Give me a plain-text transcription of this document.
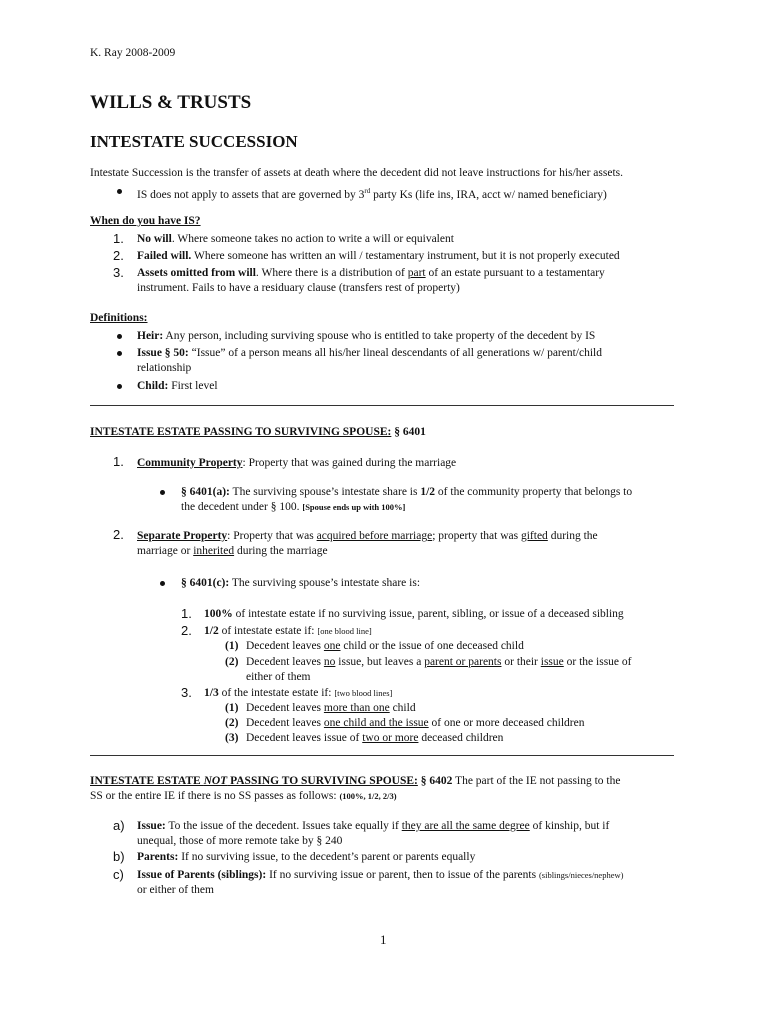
K. Ray 2008-2009
WILLS & TRUSTS
INTESTATE SUCCESSION
Intestate Succession is the transfer of assets at death where the decedent did not leave instructions for his/her assets.
IS does not apply to assets that are governed by 3rd party Ks (life ins, IRA, acct w/ named beneficiary)
When do you have IS?
1. No will. Where someone takes no action to write a will or equivalent
2. Failed will. Where someone has written an will / testamentary instrument, but it is not properly executed
3. Assets omitted from will. Where there is a distribution of part of an estate pursuant to a testamentary
instrument. Fails to have a residuary clause (transfers rest of property)
Definitions:
Heir: Any person, including surviving spouse who is entitled to take property of the decedent by IS
Issue § 50: “Issue” of a person means all his/her lineal descendants of all generations w/ parent/child
relationship
Child: First level
INTESTATE ESTATE PASSING TO SURVIVING SPOUSE: § 6401
1. Community Property: Property that was gained during the marriage
§ 6401(a): The surviving spouse’s intestate share is 1/2 of the community property that belongs to
the decedent under § 100. [Spouse ends up with 100%]
2. Separate Property: Property that was acquired before marriage; property that was gifted during the
marriage or inherited during the marriage
§ 6401(c): The surviving spouse’s intestate share is:
1. 100% of intestate estate if no surviving issue, parent, sibling, or issue of a deceased sibling
2. 1/2 of intestate estate if: [one blood line]
(1) Decedent leaves one child or the issue of one deceased child
(2) Decedent leaves no issue, but leaves a parent or parents or their issue or the issue of
either of them
3. 1/3 of the intestate estate if: [two blood lines]
(1) Decedent leaves more than one child
(2) Decedent leaves one child and the issue of one or more deceased children
(3) Decedent leaves issue of two or more deceased children
INTESTATE ESTATE NOT PASSING TO SURVIVING SPOUSE: § 6402 The part of the IE not passing to the
SS or the entire IE if there is no SS passes as follows: (100%, 1/2, 2/3)
a) Issue: To the issue of the decedent. Issues take equally if they are all the same degree of kinship, but if
unequal, those of more remote take by § 240
b) Parents: If no surviving issue, to the decedent’s parent or parents equally
c) Issue of Parents (siblings): If no surviving issue or parent, then to issue of the parents (siblings/nieces/nephew)
or either of them
1
